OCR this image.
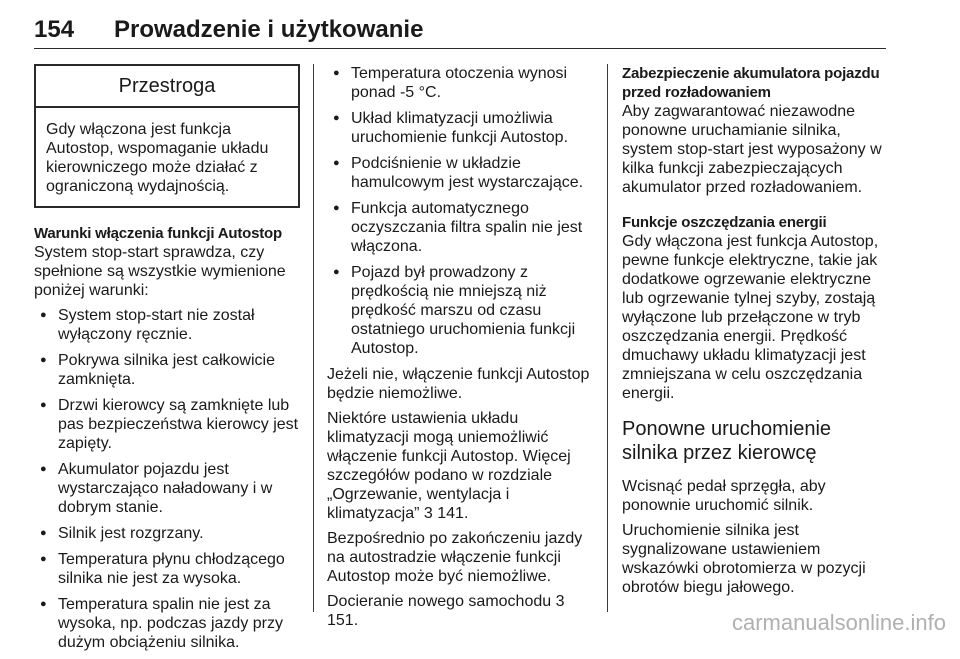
154 Prowadzenie i użytkowanie
Przestroga
Gdy włączona jest funkcja Autostop, wspomaganie układu kierowniczego może działać z ograniczoną wydajnością.
Warunki włączenia funkcji Autostop
System stop-start sprawdza, czy spełnione są wszystkie wymienione poniżej warunki:
● System stop-start nie został wyłączony ręcznie.
● Pokrywa silnika jest całkowicie zamknięta.
● Drzwi kierowcy są zamknięte lub pas bezpieczeństwa kierowcy jest zapięty.
● Akumulator pojazdu jest wystarczająco naładowany i w dobrym stanie.
● Silnik jest rozgrzany.
● Temperatura płynu chłodzącego silnika nie jest za wysoka.
● Temperatura spalin nie jest za wysoka, np. podczas jazdy przy dużym obciążeniu silnika.
● Temperatura otoczenia wynosi ponad -5 °C.
● Układ klimatyzacji umożliwia uruchomienie funkcji Autostop.
● Podciśnienie w układzie hamulcowym jest wystarczające.
● Funkcja automatycznego oczyszczania filtra spalin nie jest włączona.
● Pojazd był prowadzony z prędkością nie mniejszą niż prędkość marszu od czasu ostatniego uruchomienia funkcji Autostop.
Jeżeli nie, włączenie funkcji Autostop będzie niemożliwe.
Niektóre ustawienia układu klimatyzacji mogą uniemożliwić włączenie funkcji Autostop. Więcej szczegółów podano w rozdziale „Ogrzewanie, wentylacja i klimatyzacja” 3 141.
Bezpośrednio po zakończeniu jazdy na autostradzie włączenie funkcji Autostop może być niemożliwe.
Docieranie nowego samochodu 3 151.
Zabezpieczenie akumulatora pojazdu przed rozładowaniem
Aby zagwarantować niezawodne ponowne uruchamianie silnika, system stop-start jest wyposażony w kilka funkcji zabezpieczających akumulator przed rozładowaniem.
Funkcje oszczędzania energii
Gdy włączona jest funkcja Autostop, pewne funkcje elektryczne, takie jak dodatkowe ogrzewanie elektryczne lub ogrzewanie tylnej szyby, zostają wyłączone lub przełączone w tryb oszczędzania energii. Prędkość dmuchawy układu klimatyzacji jest zmniejszana w celu oszczędzania energii.
Ponowne uruchomienie silnika przez kierowcę
Wcisnąć pedał sprzęgła, aby ponownie uruchomić silnik.
Uruchomienie silnika jest sygnalizowane ustawieniem wskazówki obrotomierza w pozycji obrotów biegu jałowego.
carmanualsonline.info
